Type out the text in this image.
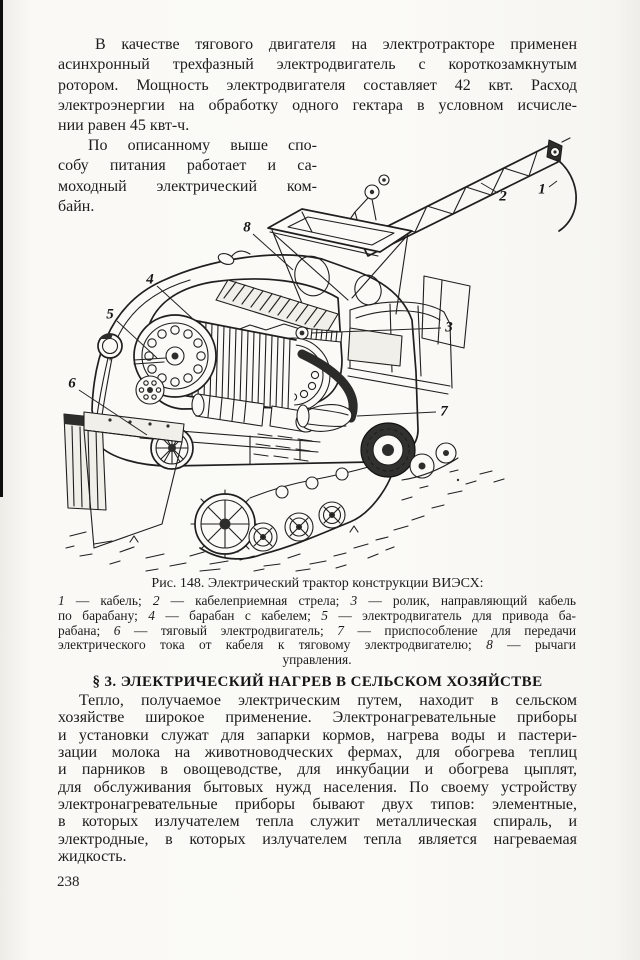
В качестве тягового двигателя на электротракторе применен
асинхронный трехфазный электродвигатель с короткозамкнутым
ротором. Мощность электродвигателя составляет 42 квт. Расход
электроэнергии на обработку одного гектара в условном исчисле-
нии равен 45 квт-ч.
По описанному выше спо-
собу питания работает и са-
моходный электрический ком-
байн.
1
2
3
4
5
6
7
8
Рис. 148. Электрический трактор конструкции ВИЭСХ:
1 — кабель; 2 — кабелеприемная стрела; 3 — ролик, направляющий кабель
по барабану; 4 — барабан с кабелем; 5 — электродвигатель для привода ба-
рабана; 6 — тяговый электродвигатель; 7 — приспособление для передачи
электрического тока от кабеля к тяговому электродвигателю; 8 — рычаги
управления.
§ 3. ЭЛЕКТРИЧЕСКИЙ НАГРЕВ В СЕЛЬСКОМ ХОЗЯЙСТВЕ
Тепло, получаемое электрическим путем, находит в сельском
хозяйстве широкое применение. Электронагревательные приборы
и установки служат для запарки кормов, нагрева воды и пастери-
зации молока на животноводческих фермах, для обогрева теплиц
и парников в овощеводстве, для инкубации и обогрева цыплят,
для обслуживания бытовых нужд населения. По своему устройству
электронагревательные приборы бывают двух типов: элементные,
в которых излучателем тепла служит металлическая спираль, и
электродные, в которых излучателем тепла является нагреваемая
жидкость.
238
